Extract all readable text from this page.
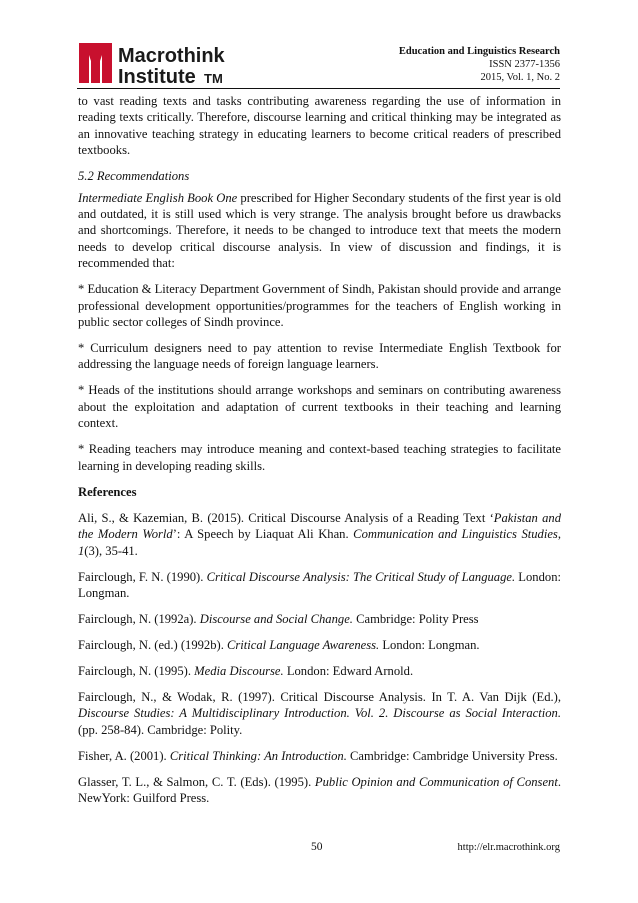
Macrothink
Institute TM
Education and Linguistics Research
ISSN 2377-1356
2015, Vol. 1, No. 2

to vast reading texts and tasks contributing awareness regarding the use of information in reading texts critically. Therefore, discourse learning and critical thinking may be integrated as an innovative teaching strategy in educating learners to become critical readers of prescribed textbooks.

5.2 Recommendations

Intermediate English Book One prescribed for Higher Secondary students of the first year is old and outdated, it is still used which is very strange. The analysis brought before us drawbacks and shortcomings. Therefore, it needs to be changed to introduce text that meets the modern needs to develop critical discourse analysis. In view of discussion and findings, it is recommended that:

* Education & Literacy Department Government of Sindh, Pakistan should provide and arrange professional development opportunities/programmes for the teachers of English working in public sector colleges of Sindh province.

* Curriculum designers need to pay attention to revise Intermediate English Textbook for addressing the language needs of foreign language learners.

* Heads of the institutions should arrange workshops and seminars on contributing awareness about the exploitation and adaptation of current textbooks in their teaching and learning context.

* Reading teachers may introduce meaning and context-based teaching strategies to facilitate learning in developing reading skills.

References

Ali, S., & Kazemian, B. (2015). Critical Discourse Analysis of a Reading Text ‘Pakistan and the Modern World’: A Speech by Liaquat Ali Khan. Communication and Linguistics Studies, 1(3), 35-41.

Fairclough, F. N. (1990). Critical Discourse Analysis: The Critical Study of Language. London: Longman.

Fairclough, N. (1992a). Discourse and Social Change. Cambridge: Polity Press

Fairclough, N. (ed.) (1992b). Critical Language Awareness. London: Longman.

Fairclough, N. (1995). Media Discourse. London: Edward Arnold.

Fairclough, N., & Wodak, R. (1997). Critical Discourse Analysis. In T. A. Van Dijk (Ed.), Discourse Studies: A Multidisciplinary Introduction. Vol. 2. Discourse as Social Interaction. (pp. 258-84). Cambridge: Polity.

Fisher, A. (2001). Critical Thinking: An Introduction. Cambridge: Cambridge University Press.

Glasser, T. L., & Salmon, C. T. (Eds). (1995). Public Opinion and Communication of Consent. NewYork: Guilford Press.

50	http://elr.macrothink.org
